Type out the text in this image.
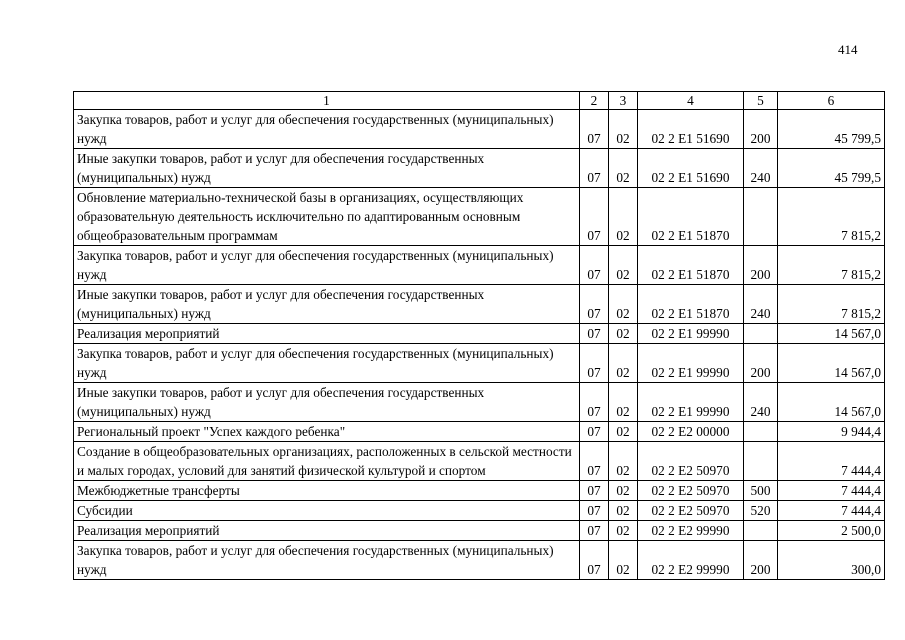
414
1	2	3	4	5	6
Закупка товаров, работ и услуг для обеспечения государственных (муниципальных) нужд	07	02	02 2 E1 51690	200	45 799,5
Иные закупки товаров, работ и услуг для обеспечения государственных (муниципальных) нужд	07	02	02 2 E1 51690	240	45 799,5
Обновление материально-технической базы в организациях, осуществляющих образовательную деятельность исключительно по адаптированным основным общеобразовательным программам	07	02	02 2 E1 51870		7 815,2
Закупка товаров, работ и услуг для обеспечения государственных (муниципальных) нужд	07	02	02 2 E1 51870	200	7 815,2
Иные закупки товаров, работ и услуг для обеспечения государственных (муниципальных) нужд	07	02	02 2 E1 51870	240	7 815,2
Реализация мероприятий	07	02	02 2 E1 99990		14 567,0
Закупка товаров, работ и услуг для обеспечения государственных (муниципальных) нужд	07	02	02 2 E1 99990	200	14 567,0
Иные закупки товаров, работ и услуг для обеспечения государственных (муниципальных) нужд	07	02	02 2 E1 99990	240	14 567,0
Региональный проект "Успех каждого ребенка"	07	02	02 2 E2 00000		9 944,4
Создание в общеобразовательных организациях, расположенных в сельской местности и малых городах, условий для занятий физической культурой и спортом	07	02	02 2 E2 50970		7 444,4
Межбюджетные трансферты	07	02	02 2 E2 50970	500	7 444,4
Субсидии	07	02	02 2 E2 50970	520	7 444,4
Реализация мероприятий	07	02	02 2 E2 99990		2 500,0
Закупка товаров, работ и услуг для обеспечения государственных (муниципальных) нужд	07	02	02 2 E2 99990	200	300,0
